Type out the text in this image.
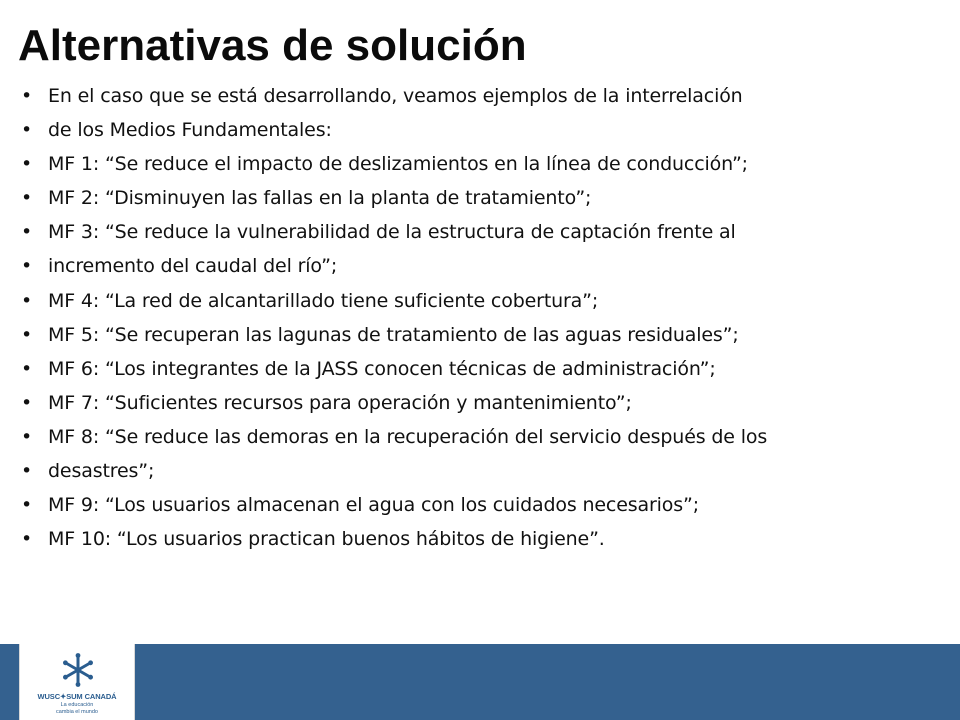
Alternativas de solución
• En el caso que se está desarrollando, veamos ejemplos de la interrelación
• de los Medios Fundamentales:
• MF 1: “Se reduce el impacto de deslizamientos en la línea de conducción”;
• MF 2: “Disminuyen las fallas en la planta de tratamiento”;
• MF 3: “Se reduce la vulnerabilidad de la estructura de captación frente al
• incremento del caudal del río”;
• MF 4: “La red de alcantarillado tiene suficiente cobertura”;
• MF 5: “Se recuperan las lagunas de tratamiento de las aguas residuales”;
• MF 6: “Los integrantes de la JASS conocen técnicas de administración”;
• MF 7: “Suficientes recursos para operación y mantenimiento”;
• MF 8: “Se reduce las demoras en la recuperación del servicio después de los
• desastres”;
• MF 9: “Los usuarios almacenan el agua con los cuidados necesarios”;
• MF 10: “Los usuarios practican buenos hábitos de higiene”.
WUSC✦SUM CANADÁ
La educación
cambia el mundo
